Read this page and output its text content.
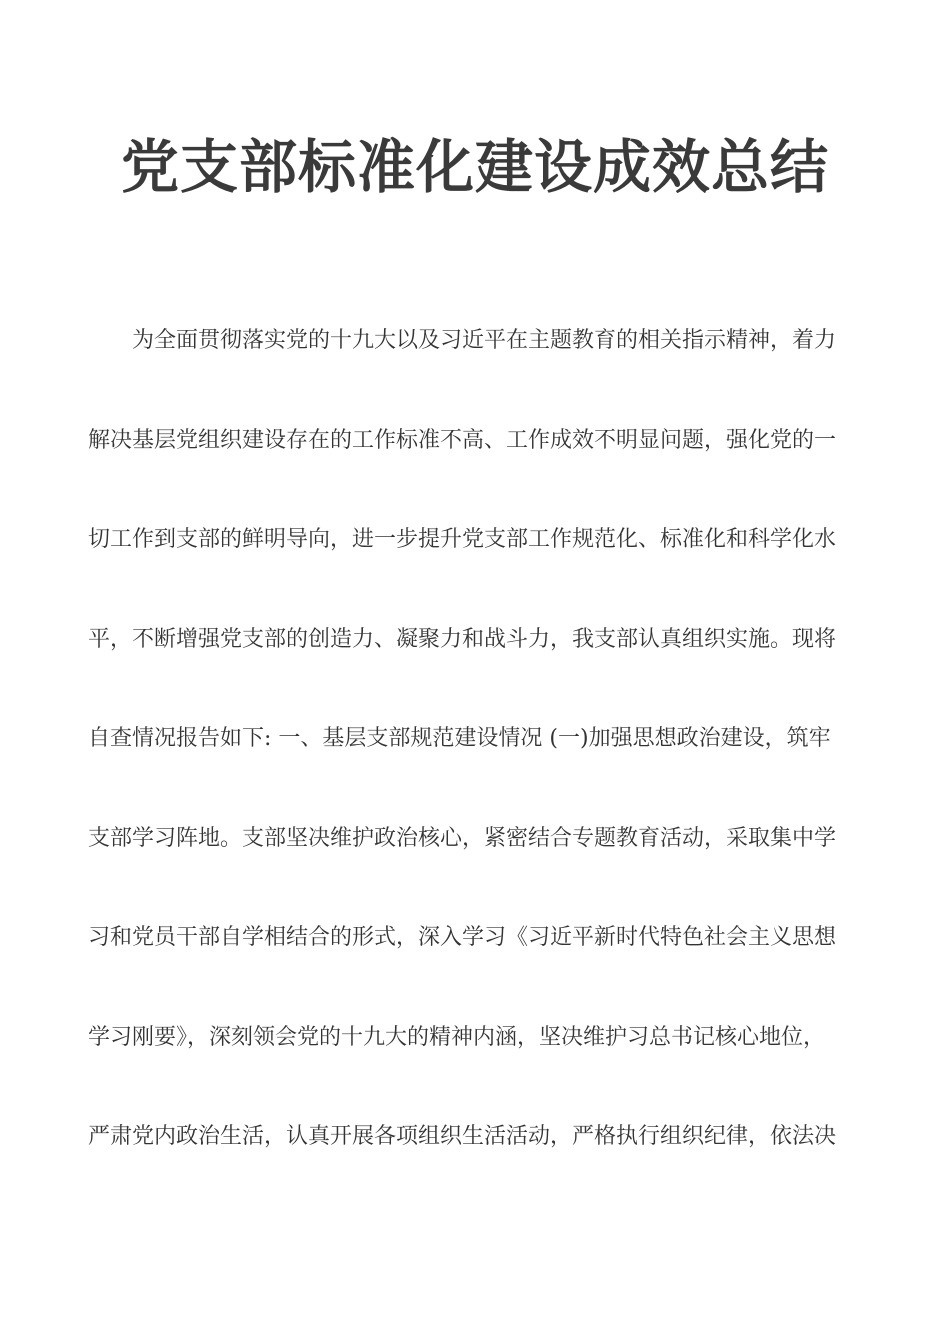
党支部标准化建设成效总结
为全面贯彻落实党的十九大以及习近平在主题教育的相关指示精神，着力
解决基层党组织建设存在的工作标准不高、工作成效不明显问题，强化党的一
切工作到支部的鲜明导向，进一步提升党支部工作规范化、标准化和科学化水
平，不断增强党支部的创造力、凝聚力和战斗力，我支部认真组织实施。现将
自查情况报告如下: 一、基层支部规范建设情况 (一)加强思想政治建设，筑牢
支部学习阵地。支部坚决维护政治核心，紧密结合专题教育活动，采取集中学
习和党员干部自学相结合的形式，深入学习《习近平新时代特色社会主义思想
学习刚要》，深刻领会党的十九大的精神内涵，坚决维护习总书记核心地位，
严肃党内政治生活，认真开展各项组织生活活动，严格执行组织纪律，依法决
